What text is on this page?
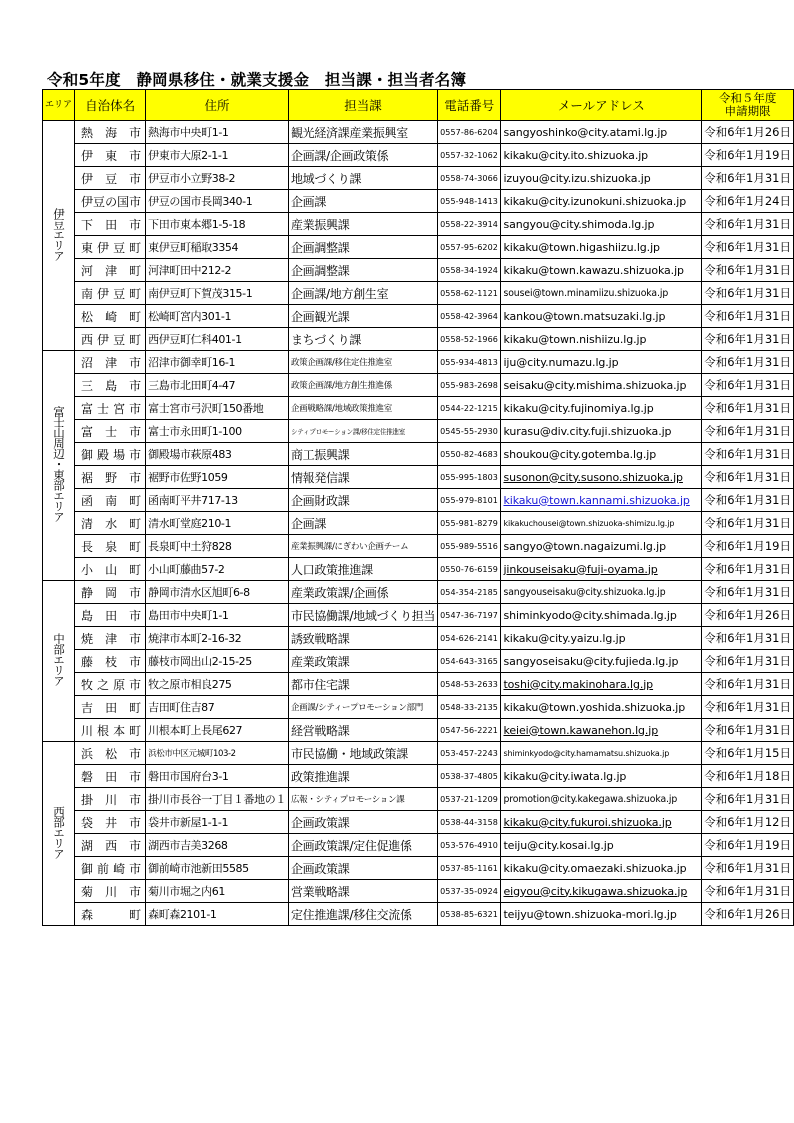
令和5年度　静岡県移住・就業支援金　担当課・担当者名簿
エリア	自治体名	住所	担当課	電話番号	メールアドレス	令和５年度
申請期限

伊豆エリア	熱海市	熱海市中央町1-1	観光経済課産業振興室	0557-86-6204	sangyoshinko@city.atami.lg.jp	令和6年1月26日
	伊東市	伊東市大原2-1-1	企画課/企画政策係	0557-32-1062	kikaku@city.ito.shizuoka.jp	令和6年1月19日
	伊豆市	伊豆市小立野38-2	地域づくり課	0558-74-3066	izuyou@city.izu.shizuoka.jp	令和6年1月31日
	伊豆の国市	伊豆の国市長岡340-1	企画課	055-948-1413	kikaku@city.izunokuni.shizuoka.jp	令和6年1月24日
	下田市	下田市東本郷1-5-18	産業振興課	0558-22-3914	sangyou@city.shimoda.lg.jp	令和6年1月31日
	東伊豆町	東伊豆町稲取3354	企画調整課	0557-95-6202	kikaku@town.higashiizu.lg.jp	令和6年1月31日
	河津町	河津町田中212-2	企画調整課	0558-34-1924	kikaku@town.kawazu.shizuoka.jp	令和6年1月31日
	南伊豆町	南伊豆町下賀茂315-1	企画課/地方創生室	0558-62-1121	sousei@town.minamiizu.shizuoka.jp	令和6年1月31日
	松崎町	松崎町宮内301-1	企画観光課	0558-42-3964	kankou@town.matsuzaki.lg.jp	令和6年1月31日
	西伊豆町	西伊豆町仁科401-1	まちづくり課	0558-52-1966	kikaku@town.nishiizu.lg.jp	令和6年1月31日
富士山周辺・東部エリア	沼津市	沼津市御幸町16-1	政策企画課/移住定住推進室	055-934-4813	iju@city.numazu.lg.jp	令和6年1月31日
	三島市	三島市北田町4-47	政策企画課/地方創生推進係	055-983-2698	seisaku@city.mishima.shizuoka.jp	令和6年1月31日
	富士宮市	富士宮市弓沢町150番地	企画戦略課/地域政策推進室	0544-22-1215	kikaku@city.fujinomiya.lg.jp	令和6年1月31日
	富士市	富士市永田町1-100	シティプロモーション課/移住定住推進室	0545-55-2930	kurasu@div.city.fuji.shizuoka.jp	令和6年1月31日
	御殿場市	御殿場市萩原483	商工振興課	0550-82-4683	shoukou@city.gotemba.lg.jp	令和6年1月31日
	裾野市	裾野市佐野1059	情報発信課	055-995-1803	susonon@city.susono.shizuoka.jp	令和6年1月31日
	函南町	函南町平井717-13	企画財政課	055-979-8101	kikaku@town.kannami.shizuoka.jp	令和6年1月31日
	清水町	清水町堂庭210-1	企画課	055-981-8279	kikakuchousei@town.shizuoka-shimizu.lg.jp	令和6年1月31日
	長泉町	長泉町中土狩828	産業振興課/にぎわい企画チーム	055-989-5516	sangyo@town.nagaizumi.lg.jp	令和6年1月19日
	小山町	小山町藤曲57-2	人口政策推進課	0550-76-6159	jinkouseisaku@fuji-oyama.jp	令和6年1月31日
中部エリア	静岡市	静岡市清水区旭町6-8	産業政策課/企画係	054-354-2185	sangyouseisaku@city.shizuoka.lg.jp	令和6年1月31日
	島田市	島田市中央町1-1	市民協働課/地域づくり担当	0547-36-7197	shiminkyodo@city.shimada.lg.jp	令和6年1月26日
	焼津市	焼津市本町2-16-32	誘致戦略課	054-626-2141	kikaku@city.yaizu.lg.jp	令和6年1月31日
	藤枝市	藤枝市岡出山2-15-25	産業政策課	054-643-3165	sangyoseisaku@city.fujieda.lg.jp	令和6年1月31日
	牧之原市	牧之原市相良275	都市住宅課	0548-53-2633	toshi@city.makinohara.lg.jp	令和6年1月31日
	吉田町	吉田町住吉87	企画課/シティープロモーション部門	0548-33-2135	kikaku@town.yoshida.shizuoka.jp	令和6年1月31日
	川根本町	川根本町上長尾627	経営戦略課	0547-56-2221	keiei@town.kawanehon.lg.jp	令和6年1月31日
西部エリア	浜松市	浜松市中区元城町103-2	市民協働・地域政策課	053-457-2243	shiminkyodo@city.hamamatsu.shizuoka.jp	令和6年1月15日
	磐田市	磐田市国府台3-1	政策推進課	0538-37-4805	kikaku@city.iwata.lg.jp	令和6年1月18日
	掛川市	掛川市長谷一丁目１番地の１	広報・シティプロモーション課	0537-21-1209	promotion@city.kakegawa.shizuoka.jp	令和6年1月31日
	袋井市	袋井市新屋1-1-1	企画政策課	0538-44-3158	kikaku@city.fukuroi.shizuoka.jp	令和6年1月12日
	湖西市	湖西市吉美3268	企画政策課/定住促進係	053-576-4910	teiju@city.kosai.lg.jp	令和6年1月19日
	御前崎市	御前崎市池新田5585	企画政策課	0537-85-1161	kikaku@city.omaezaki.shizuoka.jp	令和6年1月31日
	菊川市	菊川市堀之内61	営業戦略課	0537-35-0924	eigyou@city.kikugawa.shizuoka.jp	令和6年1月31日
	森町	森町森2101-1	定住推進課/移住交流係	0538-85-6321	teijyu@town.shizuoka-mori.lg.jp	令和6年1月26日
